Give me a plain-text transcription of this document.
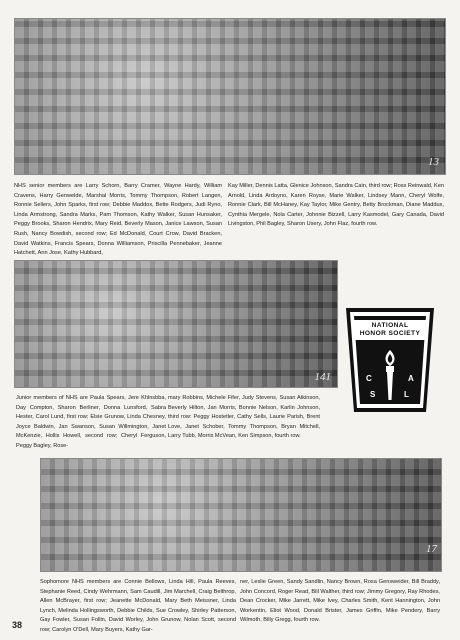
13

NHS senior members are Larry Schorn, Barry Cramer, Wayne Hardy, William Cravens, Harry Genwelde, Marshal Morris, Tommy Thompson, Robert Langen, Ronnie Sellers, John Sparks, first row; Debbie Maddox, Bette Rodgers, Judi Ryno, Linda Armstrong, Sandra Marks, Pam Thomson, Kathy Walker, Susan Hunsaker, Peggy Brooks, Sharon Hendrix, Mary Reid, Beverly Mason, Janice Lawson, Susan Rush, Nancy Bowdish, second row; Ed McDonald, Court Crow, David Bracken, David Watkins, Francis Spears, Donna Williamson, Priscilla Pennebaker, Jeanne Hatchett, Ann Jose, Kathy Hubbard,

Kay Miller, Dennis Latta, Glenice Johnson, Sandra Cain, third row; Ross Reinwald, Ken Arnold, Linda Ardoyno, Karen Royse, Marie Walker, Lindsey Mann, Cheryl Wolfe, Ronnie Clark, Bill McHaney, Kay Taylor, Mike Gentry, Betty Brockman, Diane Maddux, Cynthia Mergele, Nola Carter, Johnnie Bizzell, Larry Kasmodel, Gary Canada, David Livingston, Phil Bagley, Sharon Usery, John Flaz, fourth row.

141
NATIONAL
HONOR SOCIETY
C
S	L
A

Junior members of NHS are Paula Spears, Jere Khlnsbba, Day Compton, Sharon Berliner, Donna Lunsford, Sabra Hester, Carol Lund, first row; Elsie Grunow, Linda Chesney, Joyce Baldwin, Jan Swanson, Susan Willmington, Janet McKenzie, Hollis Howell, second row; Cheryl Ferguson, Peggy Bagley, Rose-

mary Robbins, Michele Fifer, Judy Stevens, Susan Atkinson, Beverly Hilton, Jan Morris, Bonnie Nelson, Karlin Johnson, third row: Peggy Hostetler, Cathy Sells, Laurie Parish, Brent Love, Janet Schober, Tommy Thompson, Bryan Mitchell, Larry Tubb, Morris McVean, Ken Simpson, fourth row.

17

Sophomore NHS members are Connie Bellows, Linda Hill, Paula Reeves, Stephanie Reed, Cindy Wehrmann, Sam Caudill, Jim Marchell, Craig Belthrop, Allen McBrayer, first row; Jeanette McDonald, Mary Beth Meissner, Linda Lynch, Melinda Hollingsworth, Debbie Childs, Sue Crowley, Shirley Patterson, Gay Fowler, Susan Follin, David Worley, John Grunow, Nolan Scott, second row; Carolyn O'Dell, Mary Buyers, Kathy Gar-

ner, Leslie Green, Sandy Sandlin, Nancy Brown, Rosa Gensweider, Bill Braddy, John Concord, Roger Read, Bill Walther, third row; Jimmy Gregory, Ray Rhodes, Dean Crocker, Mike Jarrett, Mike Ivey, Charles Smith, Kent Hannington, John Workentin, Eliot Wood, Donald Brister, James Griffin, Mike Pendery, Barry Wilmoth, Billy Gregg, fourth row.

38
